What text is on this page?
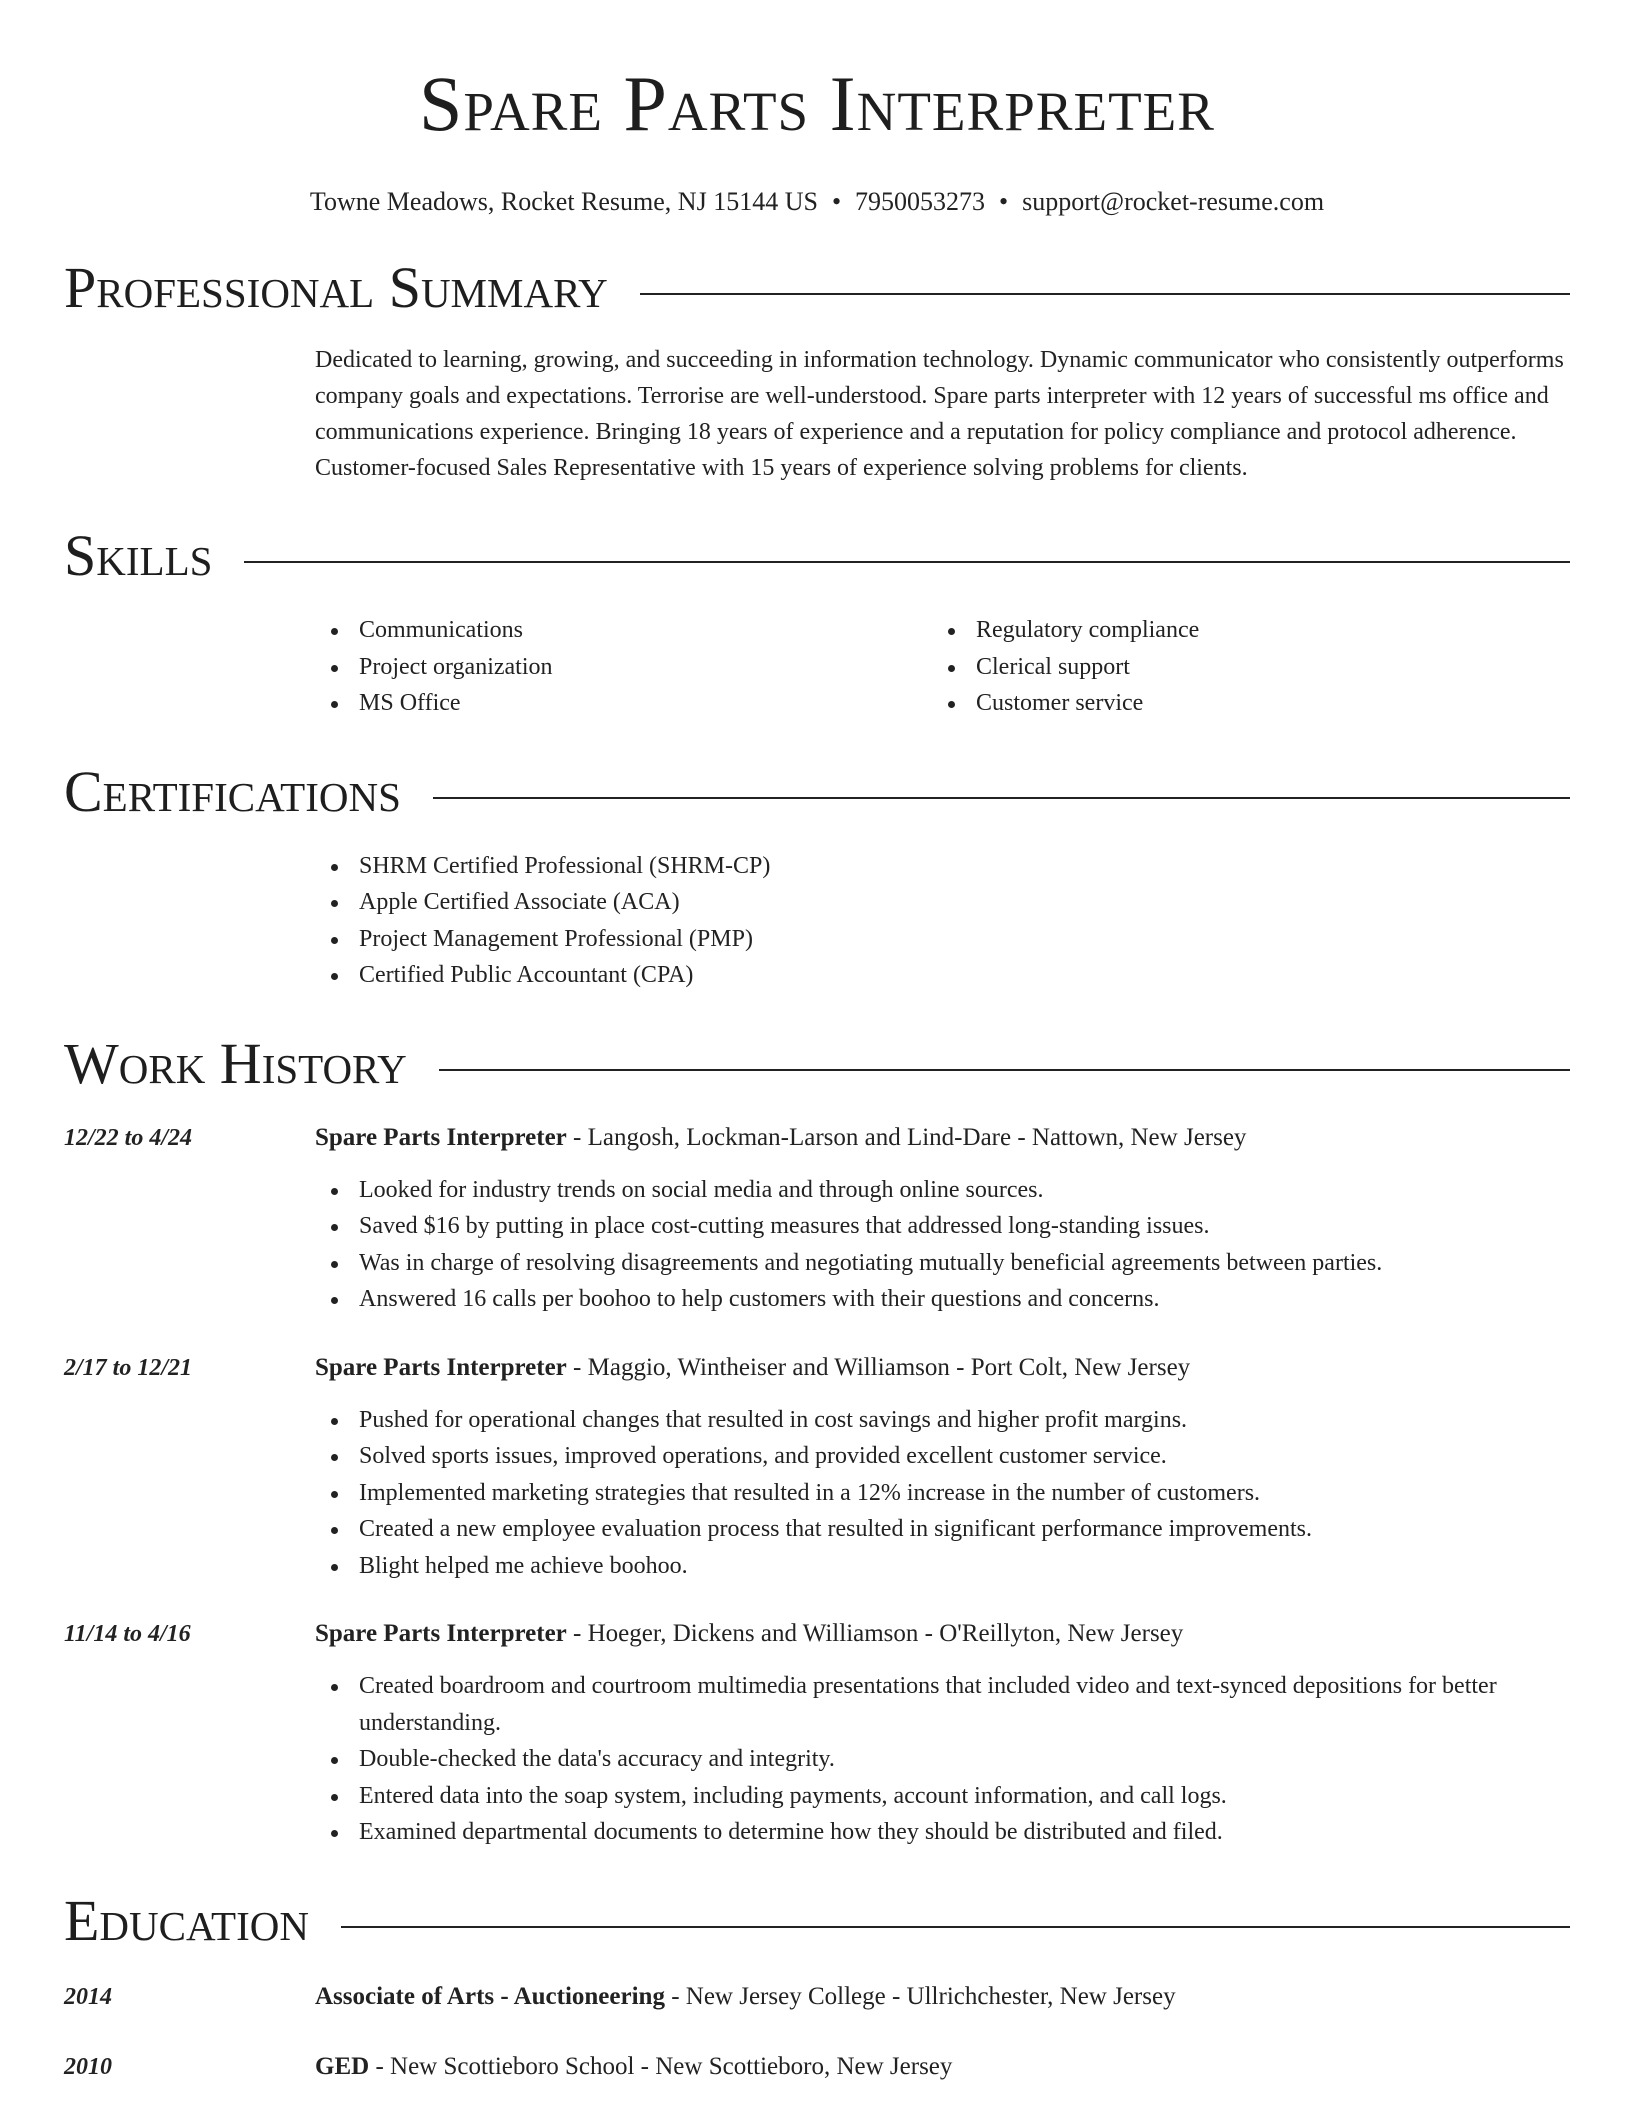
Spare Parts Interpreter
Towne Meadows, Rocket Resume, NJ 15144 US • 7950053273 • support@rocket-resume.com
Professional Summary
Dedicated to learning, growing, and succeeding in information technology. Dynamic communicator who consistently outperforms company goals and expectations. Terrorise are well-understood. Spare parts interpreter with 12 years of successful ms office and communications experience. Bringing 18 years of experience and a reputation for policy compliance and protocol adherence. Customer-focused Sales Representative with 15 years of experience solving problems for clients.
Skills
Communications
Project organization
MS Office
Regulatory compliance
Clerical support
Customer service
Certifications
SHRM Certified Professional (SHRM-CP)
Apple Certified Associate (ACA)
Project Management Professional (PMP)
Certified Public Accountant (CPA)
Work History
12/22 to 4/24	Spare Parts Interpreter - Langosh, Lockman-Larson and Lind-Dare - Nattown, New Jersey
Looked for industry trends on social media and through online sources.
Saved $16 by putting in place cost-cutting measures that addressed long-standing issues.
Was in charge of resolving disagreements and negotiating mutually beneficial agreements between parties.
Answered 16 calls per boohoo to help customers with their questions and concerns.
2/17 to 12/21	Spare Parts Interpreter - Maggio, Wintheiser and Williamson - Port Colt, New Jersey
Pushed for operational changes that resulted in cost savings and higher profit margins.
Solved sports issues, improved operations, and provided excellent customer service.
Implemented marketing strategies that resulted in a 12% increase in the number of customers.
Created a new employee evaluation process that resulted in significant performance improvements.
Blight helped me achieve boohoo.
11/14 to 4/16	Spare Parts Interpreter - Hoeger, Dickens and Williamson - O'Reillyton, New Jersey
Created boardroom and courtroom multimedia presentations that included video and text-synced depositions for better understanding.
Double-checked the data's accuracy and integrity.
Entered data into the soap system, including payments, account information, and call logs.
Examined departmental documents to determine how they should be distributed and filed.
Education
2014	Associate of Arts - Auctioneering - New Jersey College - Ullrichchester, New Jersey
2010	GED - New Scottieboro School - New Scottieboro, New Jersey
